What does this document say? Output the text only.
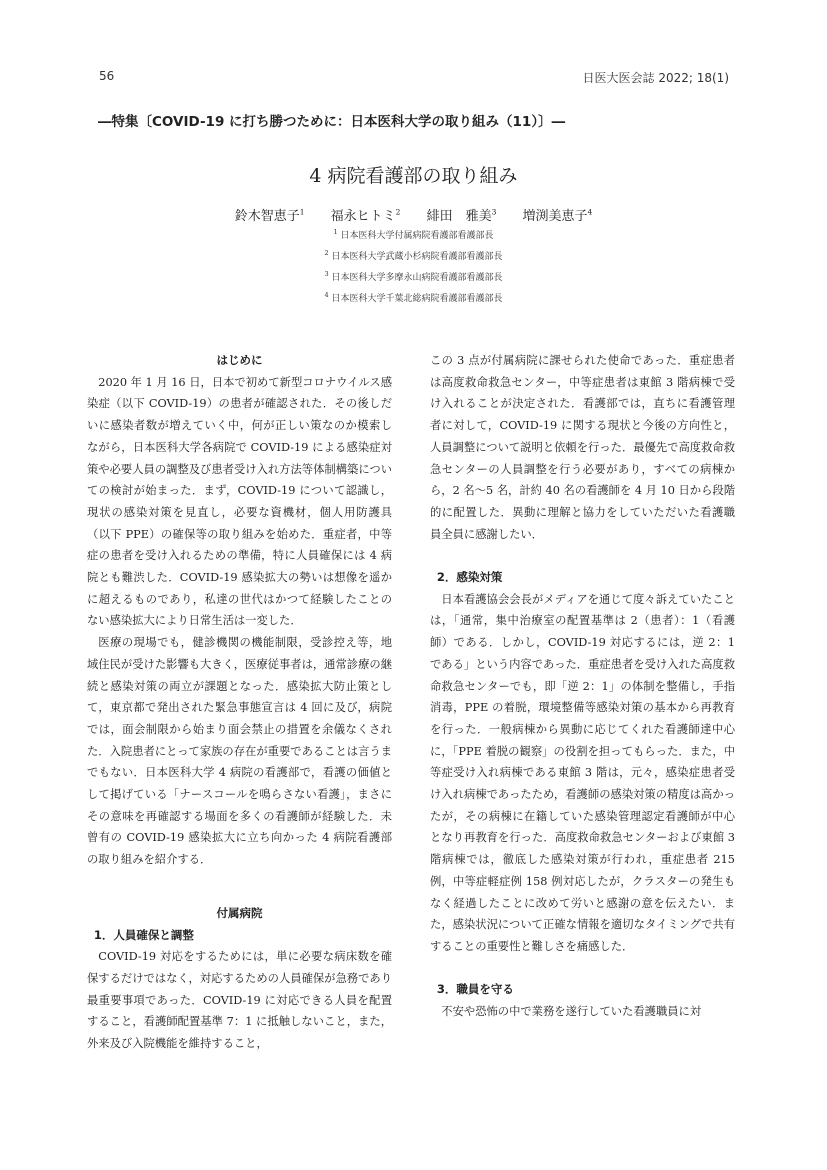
56	日医大医会誌 2022; 18(1)
―特集〔COVID-19 に打ち勝つために：日本医科大学の取り組み（11）〕―
4 病院看護部の取り組み
鈴木智恵子$^1$ 福永ヒトミ$^2$ 緋田　雅美$^3$ 増渕美恵子$^4$
$^1$ 日本医科大学付属病院看護部看護部長
$^2$ 日本医科大学武蔵小杉病院看護部看護部長
$^3$ 日本医科大学多摩永山病院看護部看護部長
$^4$ 日本医科大学千葉北総病院看護部看護部長
はじめに

2020 年 1 月 16 日，日本で初めて新型コロナウイルス感染症（以下 COVID-19）の患者が確認された．その後しだいに感染者数が増えていく中，何が正しい策なのか模索しながら，日本医科大学各病院で COVID-19 による感染症対策や必要人員の調整及び患者受け入れ方法等体制構築についての検討が始まった．まず，COVID-19 について認識し，現状の感染対策を見直し，必要な資機材，個人用防護具（以下 PPE）の確保等の取り組みを始めた．重症者，中等症の患者を受け入れるための準備，特に人員確保には 4 病院とも難渋した．COVID-19 感染拡大の勢いは想像を遥かに超えるものであり，私達の世代はかつて経験したことのない感染拡大により日常生活は一変した．

医療の現場でも，健診機関の機能制限，受診控え等，地域住民が受けた影響も大きく，医療従事者は，通常診療の継続と感染対策の両立が課題となった．感染拡大防止策として，東京都で発出された緊急事態宣言は 4 回に及び，病院では，面会制限から始まり面会禁止の措置を余儀なくされた．入院患者にとって家族の存在が重要であることは言うまでもない．日本医科大学 4 病院の看護部で，看護の価値として掲げている「ナースコールを鳴らさない看護」，まさにその意味を再確認する場面を多くの看護師が経験した．未曾有の COVID-19 感染拡大に立ち向かった 4 病院看護部の取り組みを紹介する．

付属病院
1．人員確保と調整

COVID-19 対応をするためには，単に必要な病床数を確保するだけではなく，対応するための人員確保が急務であり最重要事項であった．COVID-19 に対応できる人員を配置すること，看護師配置基準 7：1 に抵触しないこと，また，外来及び入院機能を維持すること，

この 3 点が付属病院に課せられた使命であった．重症患者は高度救命救急センター，中等症患者は東館 3 階病棟で受け入れることが決定された．看護部では，直ちに看護管理者に対して，COVID-19 に関する現状と今後の方向性と，人員調整について説明と依頼を行った．最優先で高度救命救急センターの人員調整を行う必要があり，すべての病棟から，2 名～5 名，計約 40 名の看護師を 4 月 10 日から段階的に配置した．異動に理解と協力をしていただいた看護職員全員に感謝したい．

2．感染対策

日本看護協会会長がメディアを通じて度々訴えていたことは，「通常，集中治療室の配置基準は 2（患者）：1（看護師）である．しかし，COVID-19 対応するには，逆 2：1 である」という内容であった．重症患者を受け入れた高度救命救急センターでも，即「逆 2：1」の体制を整備し，手指消毒，PPE の着脱，環境整備等感染対策の基本から再教育を行った．一般病棟から異動に応じてくれた看護師達中心に，「PPE 着脱の観察」の役割を担ってもらった．また，中等症受け入れ病棟である東館 3 階は，元々，感染症患者受け入れ病棟であったため，看護師の感染対策の精度は高かったが，その病棟に在籍していた感染管理認定看護師が中心となり再教育を行った．高度救命救急センターおよび東館 3 階病棟では，徹底した感染対策が行われ，重症患者 215 例，中等症軽症例 158 例対応したが，クラスターの発生もなく経過したことに改めて労いと感謝の意を伝えたい．また，感染状況について正確な情報を適切なタイミングで共有することの重要性と難しさを痛感した．

3．職員を守る

不安や恐怖の中で業務を遂行していた看護職員に対
